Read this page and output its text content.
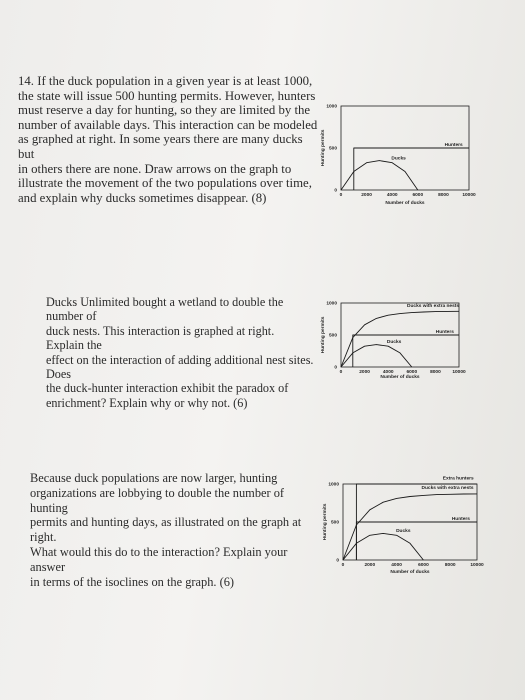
14. If the duck population in a given year is at least 1000,
the state will issue 500 hunting permits. However, hunters
must reserve a day for hunting, so they are limited by the
number of available days. This interaction can be modeled
as graphed at right. In some years there are many ducks but
in others there are none. Draw arrows on the graph to
illustrate the movement of the two populations over time,
and explain why ducks sometimes disappear. (8)
Ducks Unlimited bought a wetland to double the number of
duck nests. This interaction is graphed at right. Explain the
effect on the interaction of adding additional nest sites. Does
the duck-hunter interaction exhibit the paradox of
enrichment? Explain why or why not. (6)
Because duck populations are now larger, hunting
organizations are lobbying to double the number of hunting
permits and hunting days, as illustrated on the graph at right.
What would this do to the interaction? Explain your answer
in terms of the isoclines on the graph. (6)
0
500
1000
0	2000	4000	6000	8000	10000
Number of ducks
Hunting permits	Ducks
Hunters
0
500
1000
0	2000	4000	6000	8000 10000
Number of ducks
Hunting permits	Ducks
Ducks with extra nests
Hunters
0
500
1000
0	2000	4000	6000	8000	10000
Number of ducks
Hunting permits	Ducks
Ducks with extra nests
Hunters
Extra hunters
